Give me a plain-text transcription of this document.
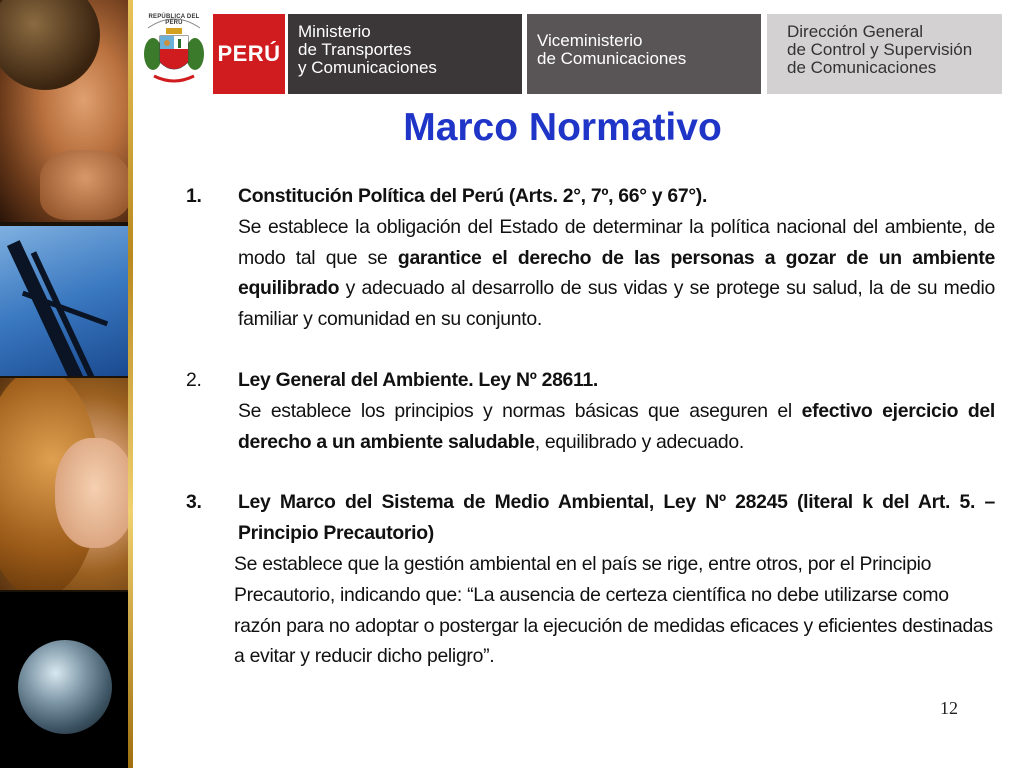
REPÚBLICA DEL PERÚ
PERÚ
Ministerio
de Transportes
y Comunicaciones
Viceministerio
de Comunicaciones
Dirección General
de Control y Supervisión
de Comunicaciones
Marco Normativo
1. Constitución Política del Perú (Arts. 2°, 7º, 66° y 67°).
Se establece la obligación del Estado de determinar la política nacional del ambiente, de modo tal que se garantice el derecho de las personas a gozar de un ambiente equilibrado y adecuado al desarrollo de sus vidas y se protege su salud, la de su medio familiar y comunidad en su conjunto.
2. Ley General del Ambiente. Ley Nº 28611.
Se establece los principios y normas básicas que aseguren el efectivo ejercicio del derecho a un ambiente saludable, equilibrado y adecuado.
3. Ley Marco del Sistema de Medio Ambiental, Ley Nº 28245 (literal k del Art. 5. – Principio Precautorio)
Se establece que la gestión ambiental en el país se rige, entre otros, por el Principio Precautorio, indicando que: “La ausencia de certeza científica no debe utilizarse como razón para no adoptar o postergar la ejecución de medidas eficaces y eficientes destinadas a evitar y reducir dicho peligro”.
12
